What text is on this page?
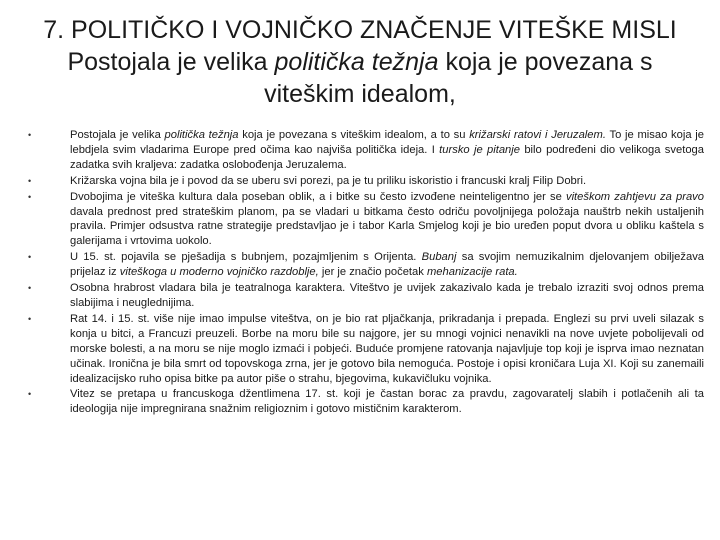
7. POLITIČKO I VOJNIČKO ZNAČENJE VITEŠKE MISLI
Postojala je velika politička težnja koja je povezana s
viteškim idealom,
•	Postojala je velika politička težnja koja je povezana s viteškim idealom, a to su križarski ratovi i Jeruzalem. To je misao koja je lebdjela svim vladarima Europe pred očima kao najviša politička ideja. I tursko je pitanje bilo podređeni dio velikoga svetoga zadatka svih kraljeva: zadatka oslobođenja Jeruzalema.
•	Križarska vojna bila je i povod da se uberu svi porezi, pa je tu priliku iskoristio i francuski kralj Filip Dobri.
•	Dvobojima je viteška kultura dala poseban oblik, a i bitke su često izvođene neinteligentno jer se viteškom zahtjevu za pravo davala prednost pred strateškim planom, pa se vladari u bitkama često odriču povoljnijega položaja nauštrb nekih ustaljenih pravila. Primjer odsustva ratne strategije predstavljao je i tabor Karla Smjelog koji je bio uređen poput dvora u obliku kaštela s galerijama i vrtovima uokolo.
•	U 15. st. pojavila se pješadija s bubnjem, pozajmljenim s Orijenta. Bubanj sa svojim nemuzikalnim djelovanjem obilježava prijelaz iz viteškoga u moderno vojničko razdoblje, jer je značio početak mehanizacije rata.
•	Osobna hrabrost vladara bila je teatralnoga karaktera. Viteštvo je uvijek zakazivalo kada je trebalo izraziti svoj odnos prema slabijima i neuglednijima.
•	Rat 14. i 15. st. više nije imao impulse viteštva, on je bio rat pljačkanja, prikradanja i prepada. Englezi su prvi uveli silazak s konja u bitci, a Francuzi preuzeli. Borbe na moru bile su najgore, jer su mnogi vojnici nenavikli na nove uvjete pobolijevali od morske bolesti, a na moru se nije moglo izmaći i pobjeći. Buduće promjene ratovanja najavljuje top koji je isprva imao neznatan učinak. Ironična je bila smrt od topovskoga zrna, jer je gotovo bila nemoguća. Postoje i opisi kroničara Luja XI. Koji su zanemaili idealizacijsko ruho opisa bitke pa autor piše o strahu, bjegovima, kukavičluku vojnika.
•	Vitez se pretapa u francuskoga džentlimena 17. st. koji je častan borac za pravdu, zagovaratelj slabih i potlačenih ali ta ideologija nije impregnirana snažnim religioznim i gotovo mističnim karakterom.
